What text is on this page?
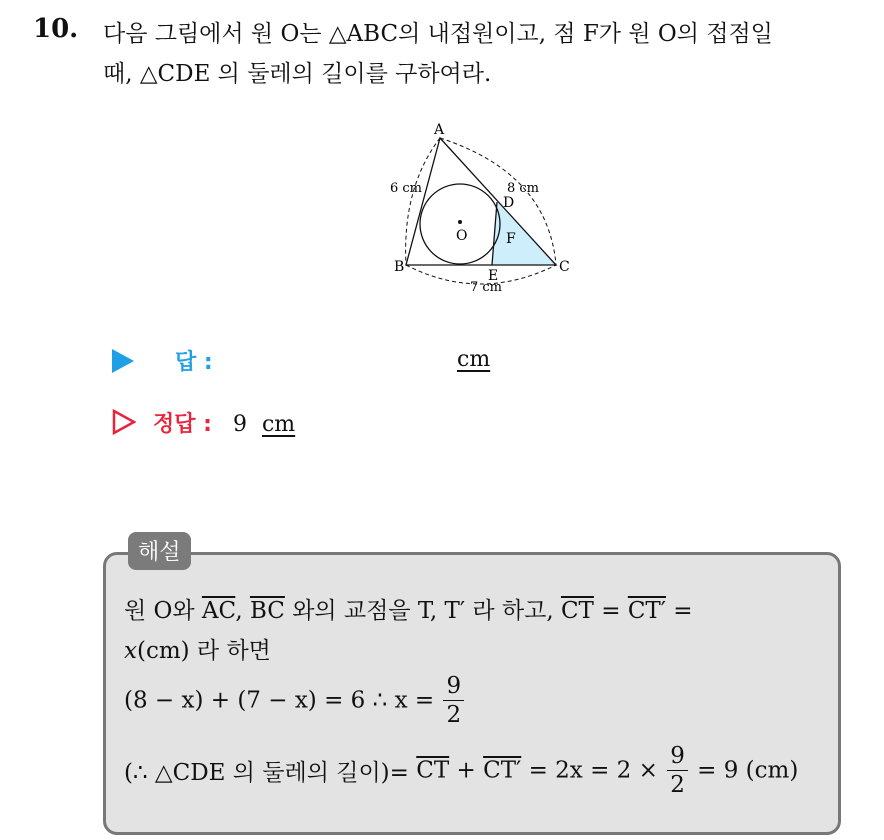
10. 다음 그림에서 원 O는 △ABC의 내접원이고, 점 F가 원 O의 접점일
때, △CDE 의 둘레의 길이를 구하여라.
A
B	C
D
E
F
O
6 cm	8 cm
7 cm
답 :	cm
정답 : 9 cm
해설
원 O와 $\overline{AC}$, $\overline{BC}$ 와의 교점을 T, T′ 라 하고, $\overline{CT} = CT'$ =
x(cm) 라 하면
(8 − x) + (7 − x) = 6 ∴ $x = \frac{9}{2}$
(∴ △CDE 의 둘레의 길이)= $\overline{CT} + CT' = 2x = 2 \times \frac{9}{2} = 9$ (cm)
